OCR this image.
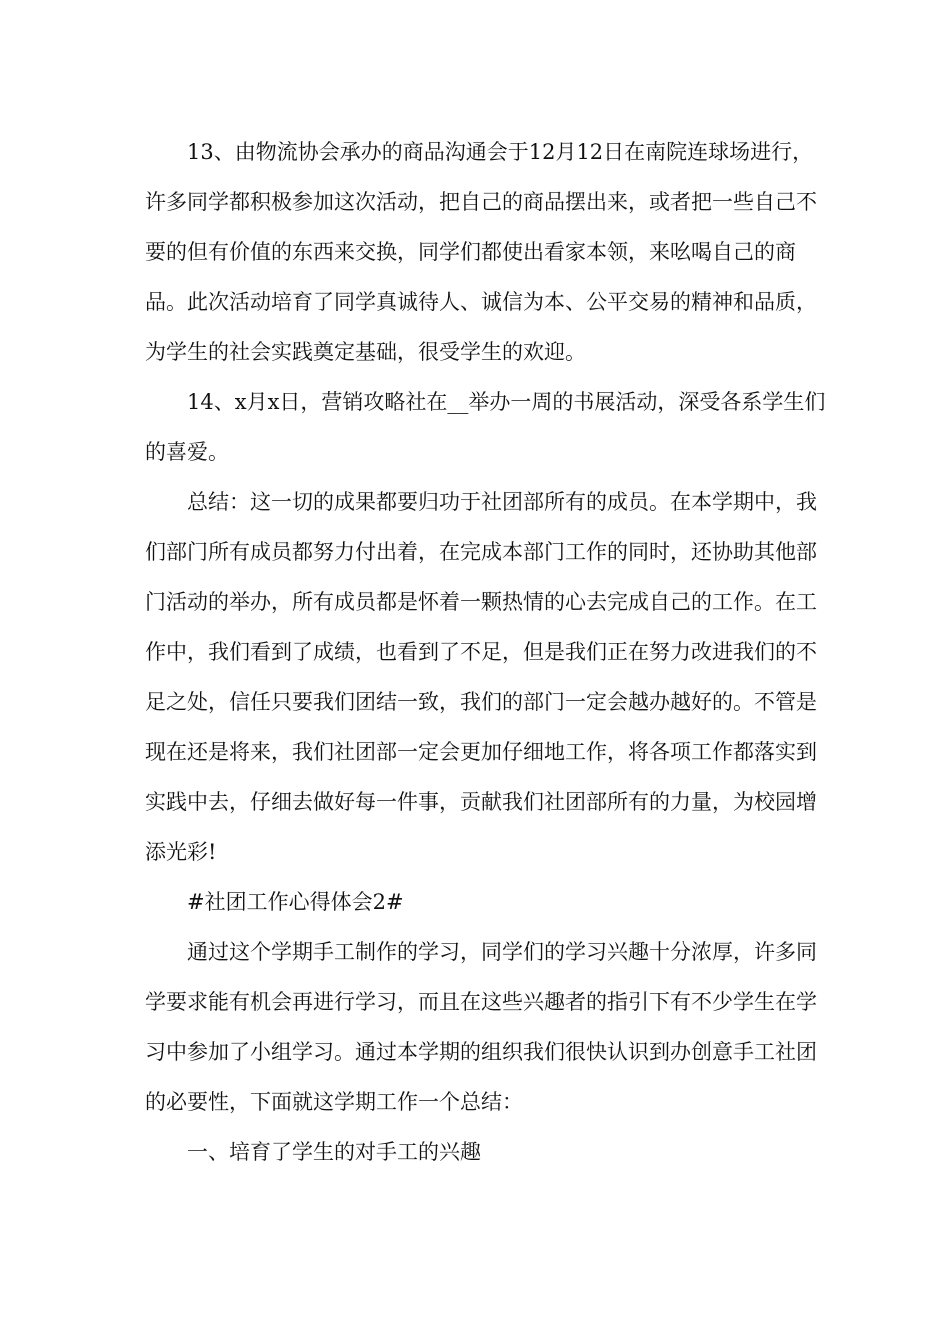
13、由物流协会承办的商品沟通会于12月12日在南院连球场进行，许多同学都积极参加这次活动，把自己的商品摆出来，或者把一些自己不要的但有价值的东西来交换，同学们都使出看家本领，来吆喝自己的商品。此次活动培育了同学真诚待人、诚信为本、公平交易的精神和品质，为学生的社会实践奠定基础，很受学生的欢迎。

14、x月x日，营销攻略社在__举办一周的书展活动，深受各系学生们的喜爱。

总结：这一切的成果都要归功于社团部所有的成员。在本学期中，我们部门所有成员都努力付出着，在完成本部门工作的同时，还协助其他部门活动的举办，所有成员都是怀着一颗热情的心去完成自己的工作。在工作中，我们看到了成绩，也看到了不足，但是我们正在努力改进我们的不足之处，信任只要我们团结一致，我们的部门一定会越办越好的。不管是现在还是将来，我们社团部一定会更加仔细地工作，将各项工作都落实到实践中去，仔细去做好每一件事，贡献我们社团部所有的力量，为校园增添光彩!

#社团工作心得体会2#

通过这个学期手工制作的学习，同学们的学习兴趣十分浓厚，许多同学要求能有机会再进行学习，而且在这些兴趣者的指引下有不少学生在学习中参加了小组学习。通过本学期的组织我们很快认识到办创意手工社团的必要性，下面就这学期工作一个总结：

一、培育了学生的对手工的兴趣
